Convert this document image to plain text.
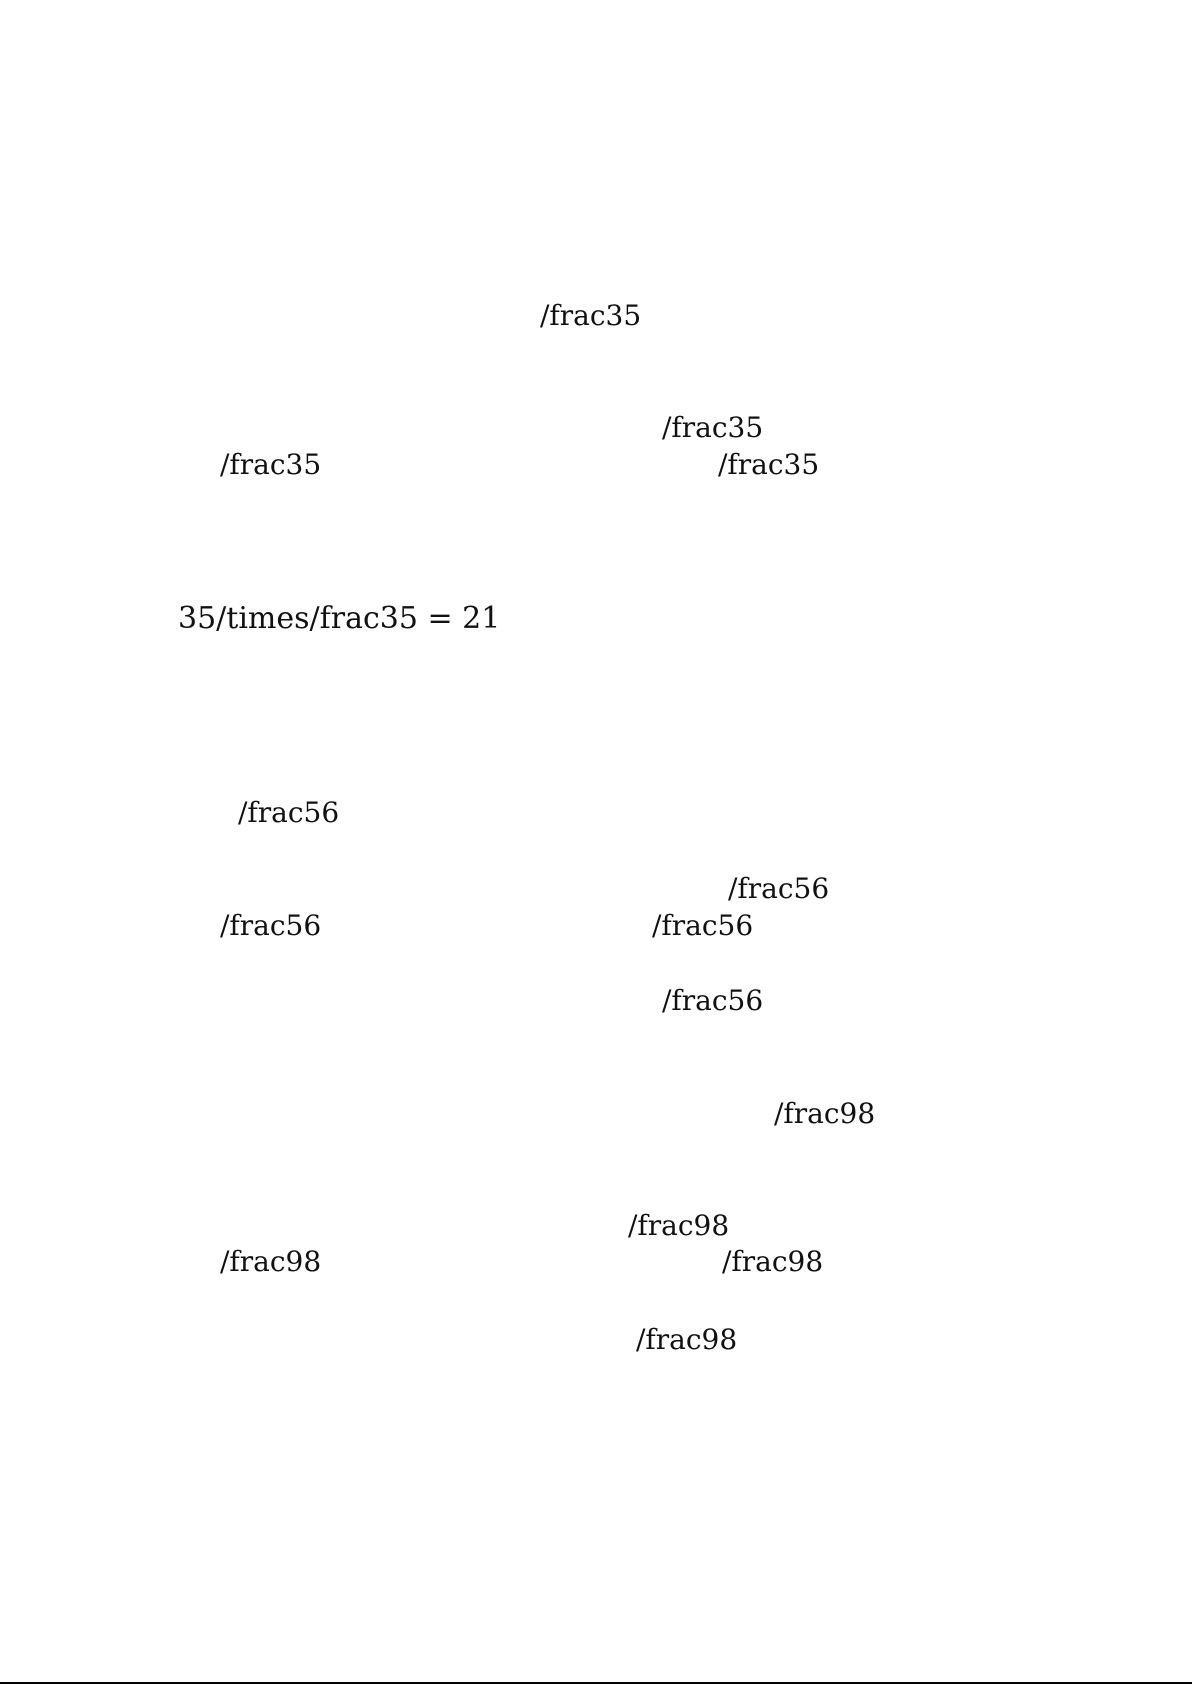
/frac35
/frac35
/frac35	/frac35
35/times/frac35 = 21
/frac56
/frac56
/frac56	/frac56
/frac56
/frac98
/frac98
/frac98	/frac98
/frac98
